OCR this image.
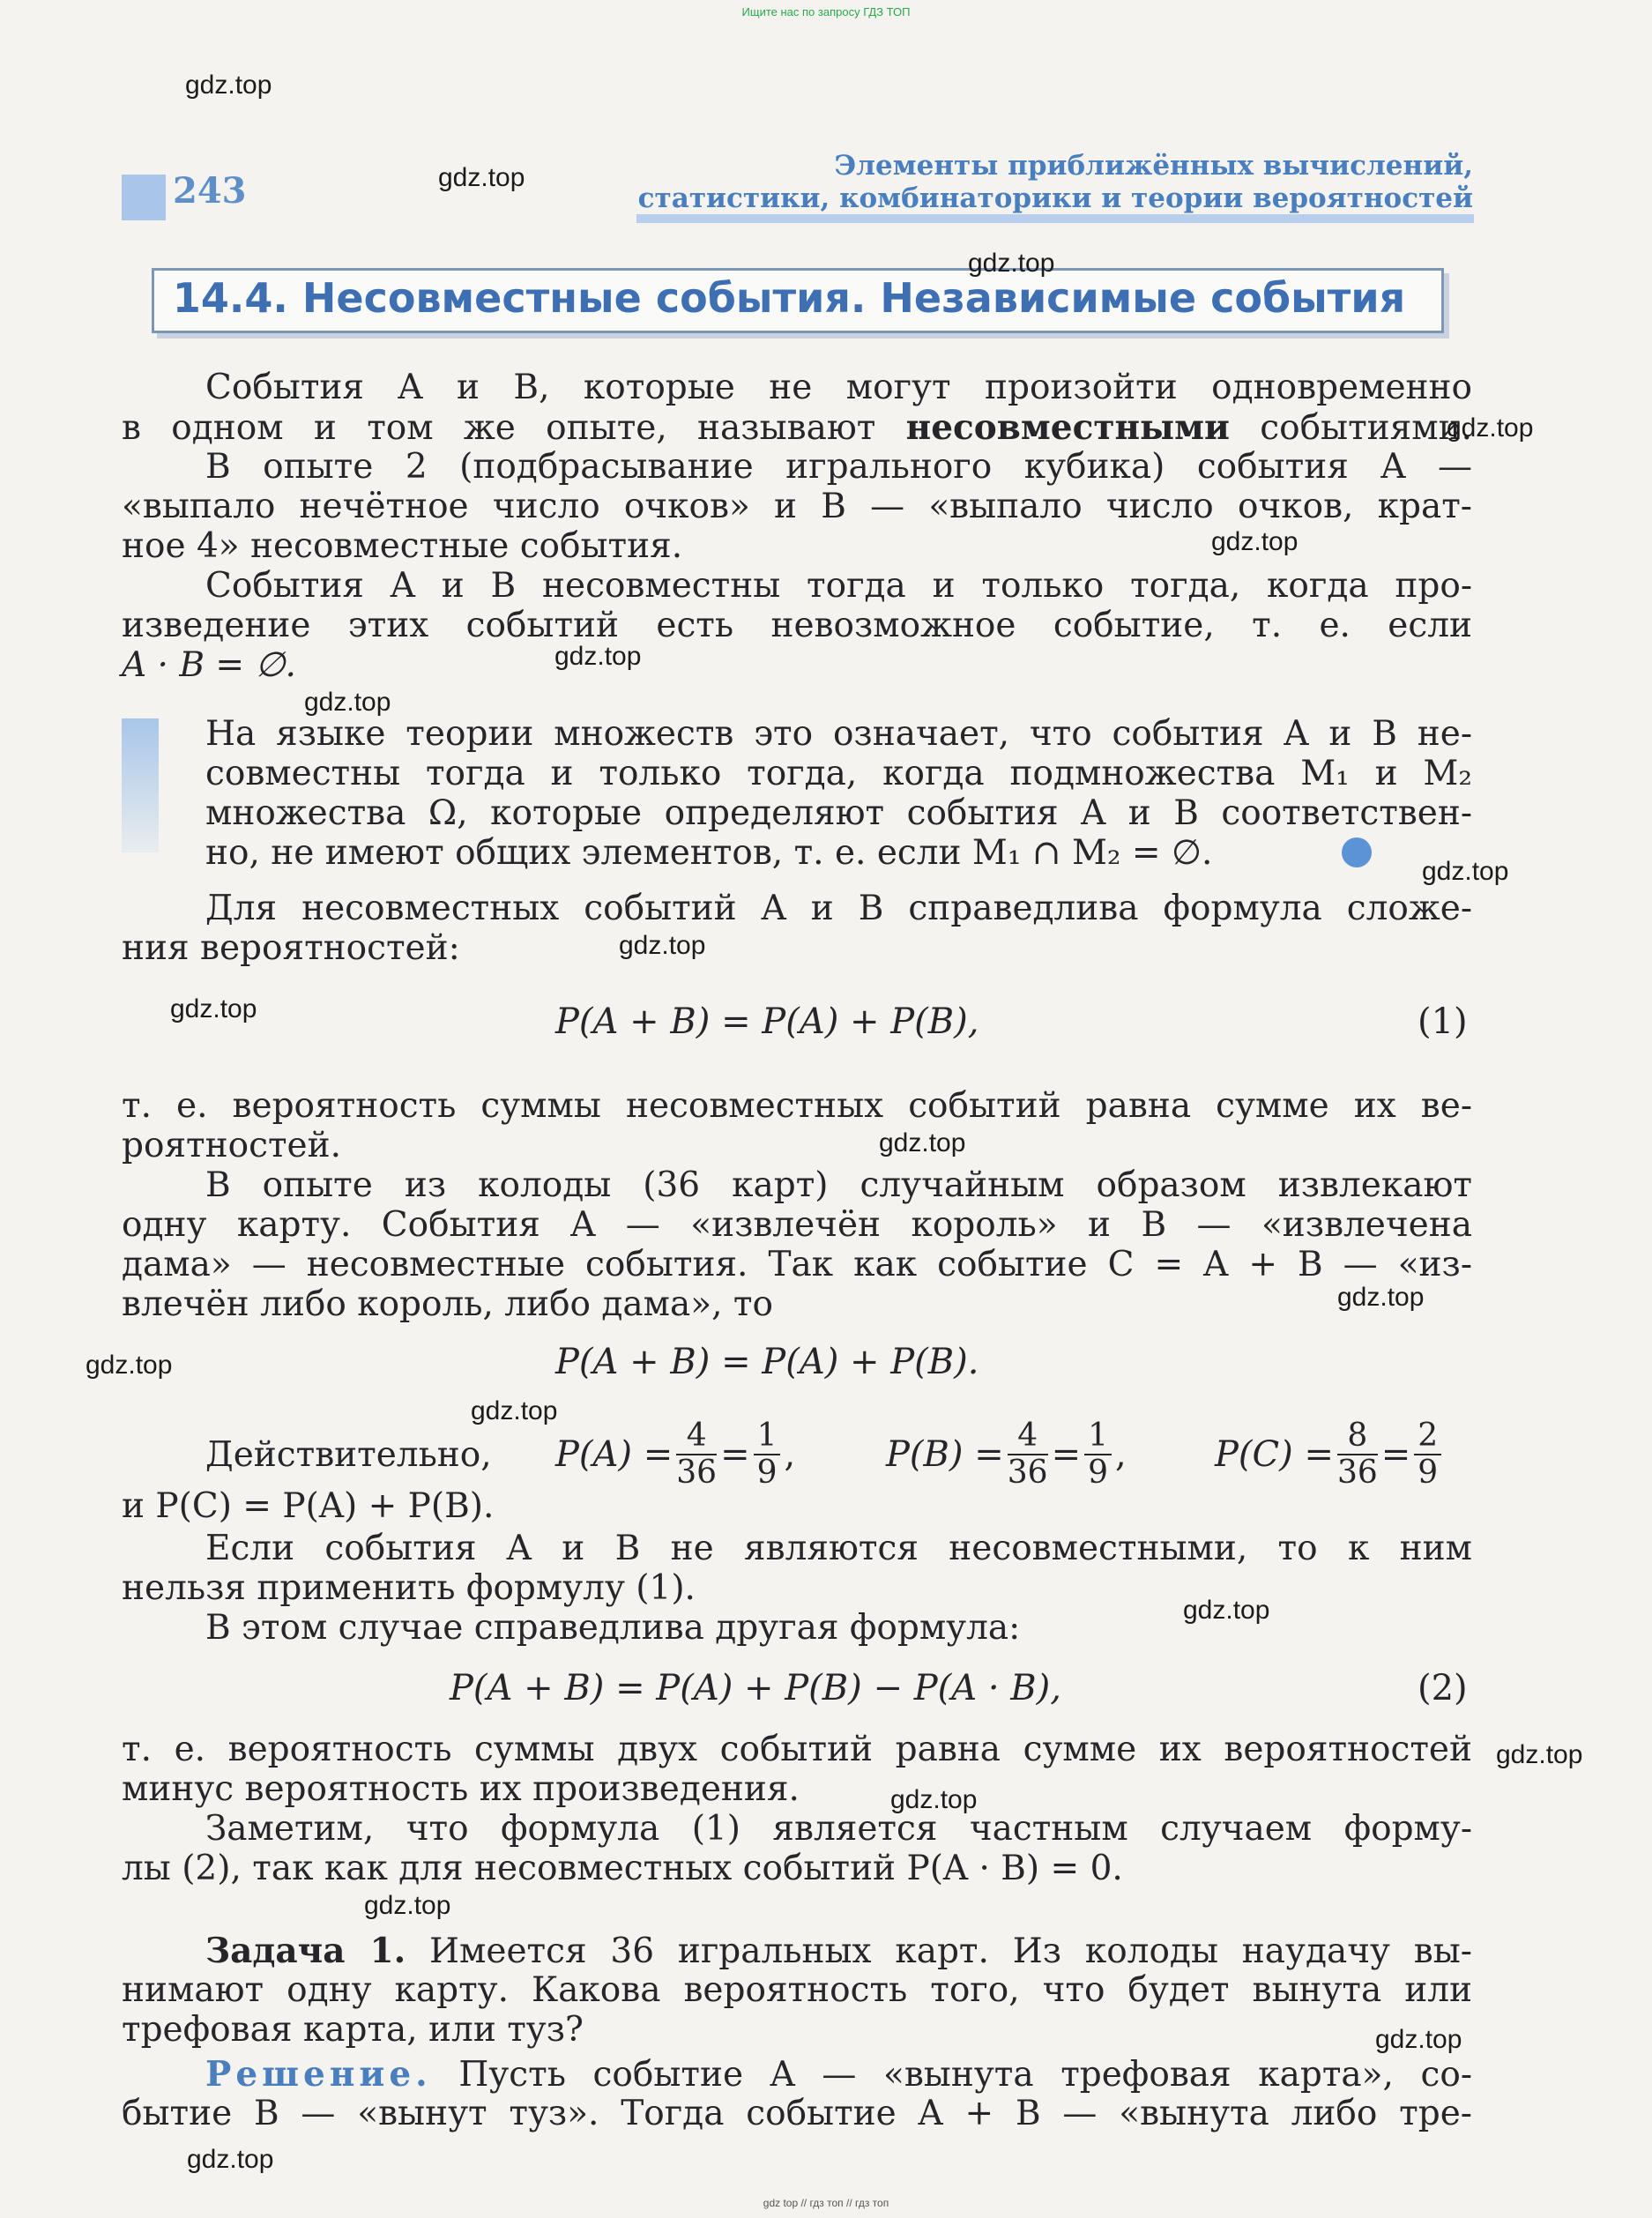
Ищите нас по запросу ГДЗ ТОП
243
Элементы приближённых вычислений,
статистики, комбинаторики и теории вероятностей
14.4. Несовместные события. Независимые события
События A и B, которые не могут произойти одновременно
в одном и том же опыте, называют несовместными событиями.
В опыте 2 (подбрасывание игрального кубика) события A —
«выпало нечётное число очков» и B — «выпало число очков, крат-
ное 4» несовместные события.
События A и B несовместны тогда и только тогда, когда про-
изведение этих событий есть невозможное событие, т. е. если
A · B = ∅.
На языке теории множеств это означает, что события A и B не-
совместны тогда и только тогда, когда подмножества M₁ и M₂
множества Ω, которые определяют события A и B соответствен-
но, не имеют общих элементов, т. е. если M₁ ∩ M₂ = ∅.
Для несовместных событий A и B справедлива формула сложе-
ния вероятностей:
P(A + B) = P(A) + P(B),	(1)
т. е. вероятность суммы несовместных событий равна сумме их ве-
роятностей.
В опыте из колоды (36 карт) случайным образом извлекают
одну карту. События A — «извлечён король» и B — «извлечена
дама» — несовместные события. Так как событие C = A + B — «из-
влечён либо король, либо дама», то
P(A + B) = P(A) + P(B).
Действительно, $P(A) = \frac{4}{36} = \frac{1}{9}$ ,	$P(B) = \frac{4}{36} = \frac{1}{9}$ ,	$P(C) = \frac{8}{36} = \frac{2}{9}$
и P(C) = P(A) + P(B).
Если события A и B не являются несовместными, то к ним
нельзя применить формулу (1).
В этом случае справедлива другая формула:
P(A + B) = P(A) + P(B) − P(A · B),	(2)
т. е. вероятность суммы двух событий равна сумме их вероятностей
минус вероятность их произведения.
Заметим, что формула (1) является частным случаем форму-
лы (2), так как для несовместных событий P(A · B) = 0.
Задача 1. Имеется 36 игральных карт. Из колоды наудачу вы-
нимают одну карту. Какова вероятность того, что будет вынута или
трефовая карта, или туз?
Решение. Пусть событие A — «вынута трефовая карта», со-
бытие B — «вынут туз». Тогда событие A + B — «вынута либо тре-
gdz.top
gdz.top
gdz.top
gdz.top
gdz.top
gdz.top
gdz.top
gdz.top
gdz.top
gdz.top
gdz.top
gdz.top
gdz.top
gdz.top
gdz.top
gdz.top
gdz.top
gdz.top
gdz.top
gdz.top
gdz top // гдз топ // гдз топ
